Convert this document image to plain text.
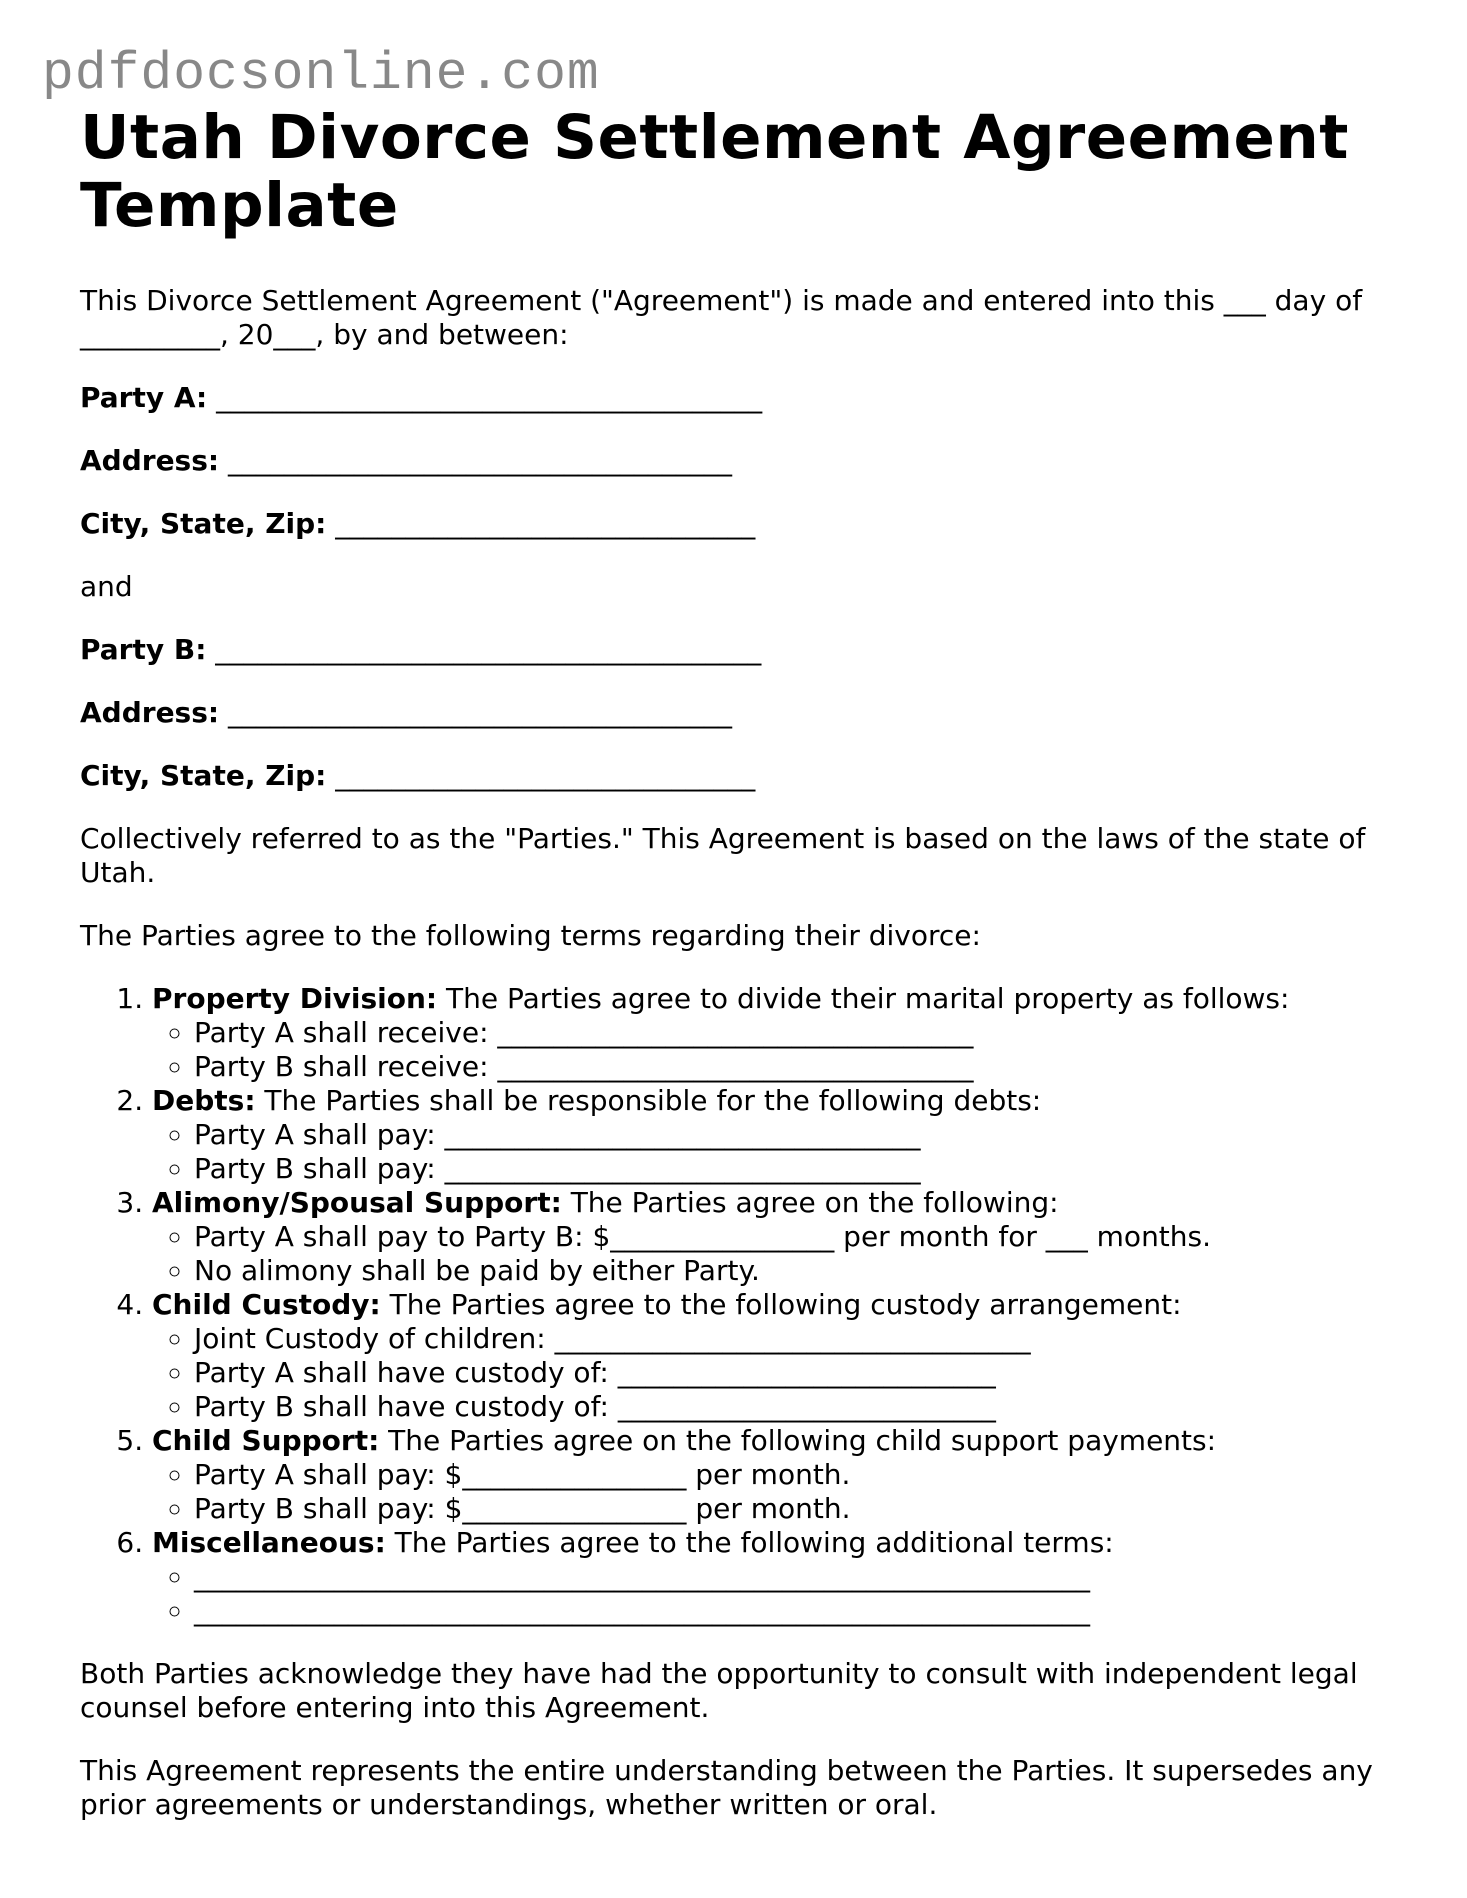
pdfdocsonline.com
Utah Divorce Settlement Agreement Template

This Divorce Settlement Agreement ("Agreement") is made and entered into this ___ day of __________, 20___, by and between:

Party A: _______________________________________

Address: ____________________________________

City, State, Zip: ______________________________

and

Party B: _______________________________________

Address: ____________________________________

City, State, Zip: ______________________________

Collectively referred to as the "Parties." This Agreement is based on the laws of the state of Utah.

The Parties agree to the following terms regarding their divorce:

1. Property Division: The Parties agree to divide their marital property as follows:
◦ Party A shall receive: __________________________________
◦ Party B shall receive: __________________________________
2. Debts: The Parties shall be responsible for the following debts:
◦ Party A shall pay: __________________________________
◦ Party B shall pay: __________________________________
3. Alimony/Spousal Support: The Parties agree on the following:
◦ Party A shall pay to Party B: $________________ per month for ___ months.
◦ No alimony shall be paid by either Party.
4. Child Custody: The Parties agree to the following custody arrangement:
◦ Joint Custody of children: __________________________________
◦ Party A shall have custody of: ___________________________
◦ Party B shall have custody of: ___________________________
5. Child Support: The Parties agree on the following child support payments:
◦ Party A shall pay: $________________ per month.
◦ Party B shall pay: $________________ per month.
6. Miscellaneous: The Parties agree to the following additional terms:
◦ ________________________________________________________________
◦ ________________________________________________________________

Both Parties acknowledge they have had the opportunity to consult with independent legal counsel before entering into this Agreement.

This Agreement represents the entire understanding between the Parties. It supersedes any prior agreements or understandings, whether written or oral.
